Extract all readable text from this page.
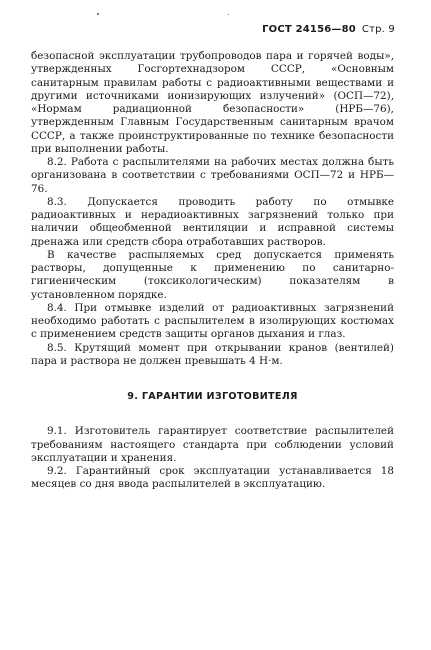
ГОСТ 24156—80 Стр. 9

безопасной эксплуатации трубопроводов пара и горячей воды», утвержденных Госгортехнадзором СССР, «Основным санитарным правилам работы с радиоактивными веществами и другими источниками ионизирующих излучений» (ОСП—72), «Нормам радиационной безопасности» (НРБ—76), утвержденным Главным Государственным санитарным врачом СССР, а также проинструктированные по технике безопасности при выполнении работы.

8.2. Работа с распылителями на рабочих местах должна быть организована в соответствии с требованиями ОСП—72 и НРБ—76.

8.3. Допускается проводить работу по отмывке радиоактивных и нерадиоактивных загрязнений только при наличии общеобменной вентиляции и исправной системы дренажа или средств сбора отработавших растворов.

В качестве распыляемых сред допускается применять растворы, допущенные к применению по санитарно-гигиеническим (токсикологическим) показателям в установленном порядке.

8.4. При отмывке изделий от радиоактивных загрязнений необходимо работать с распылителем в изолирующих костюмах с применением средств защиты органов дыхания и глаз.

8.5. Крутящий момент при открывании кранов (вентилей) пара и раствора не должен превышать 4 Н·м.

9. ГАРАНТИИ ИЗГОТОВИТЕЛЯ

9.1. Изготовитель гарантирует соответствие распылителей требованиям настоящего стандарта при соблюдении условий эксплуатации и хранения.

9.2. Гарантийный срок эксплуатации устанавливается 18 месяцев со дня ввода распылителей в эксплуатацию.
